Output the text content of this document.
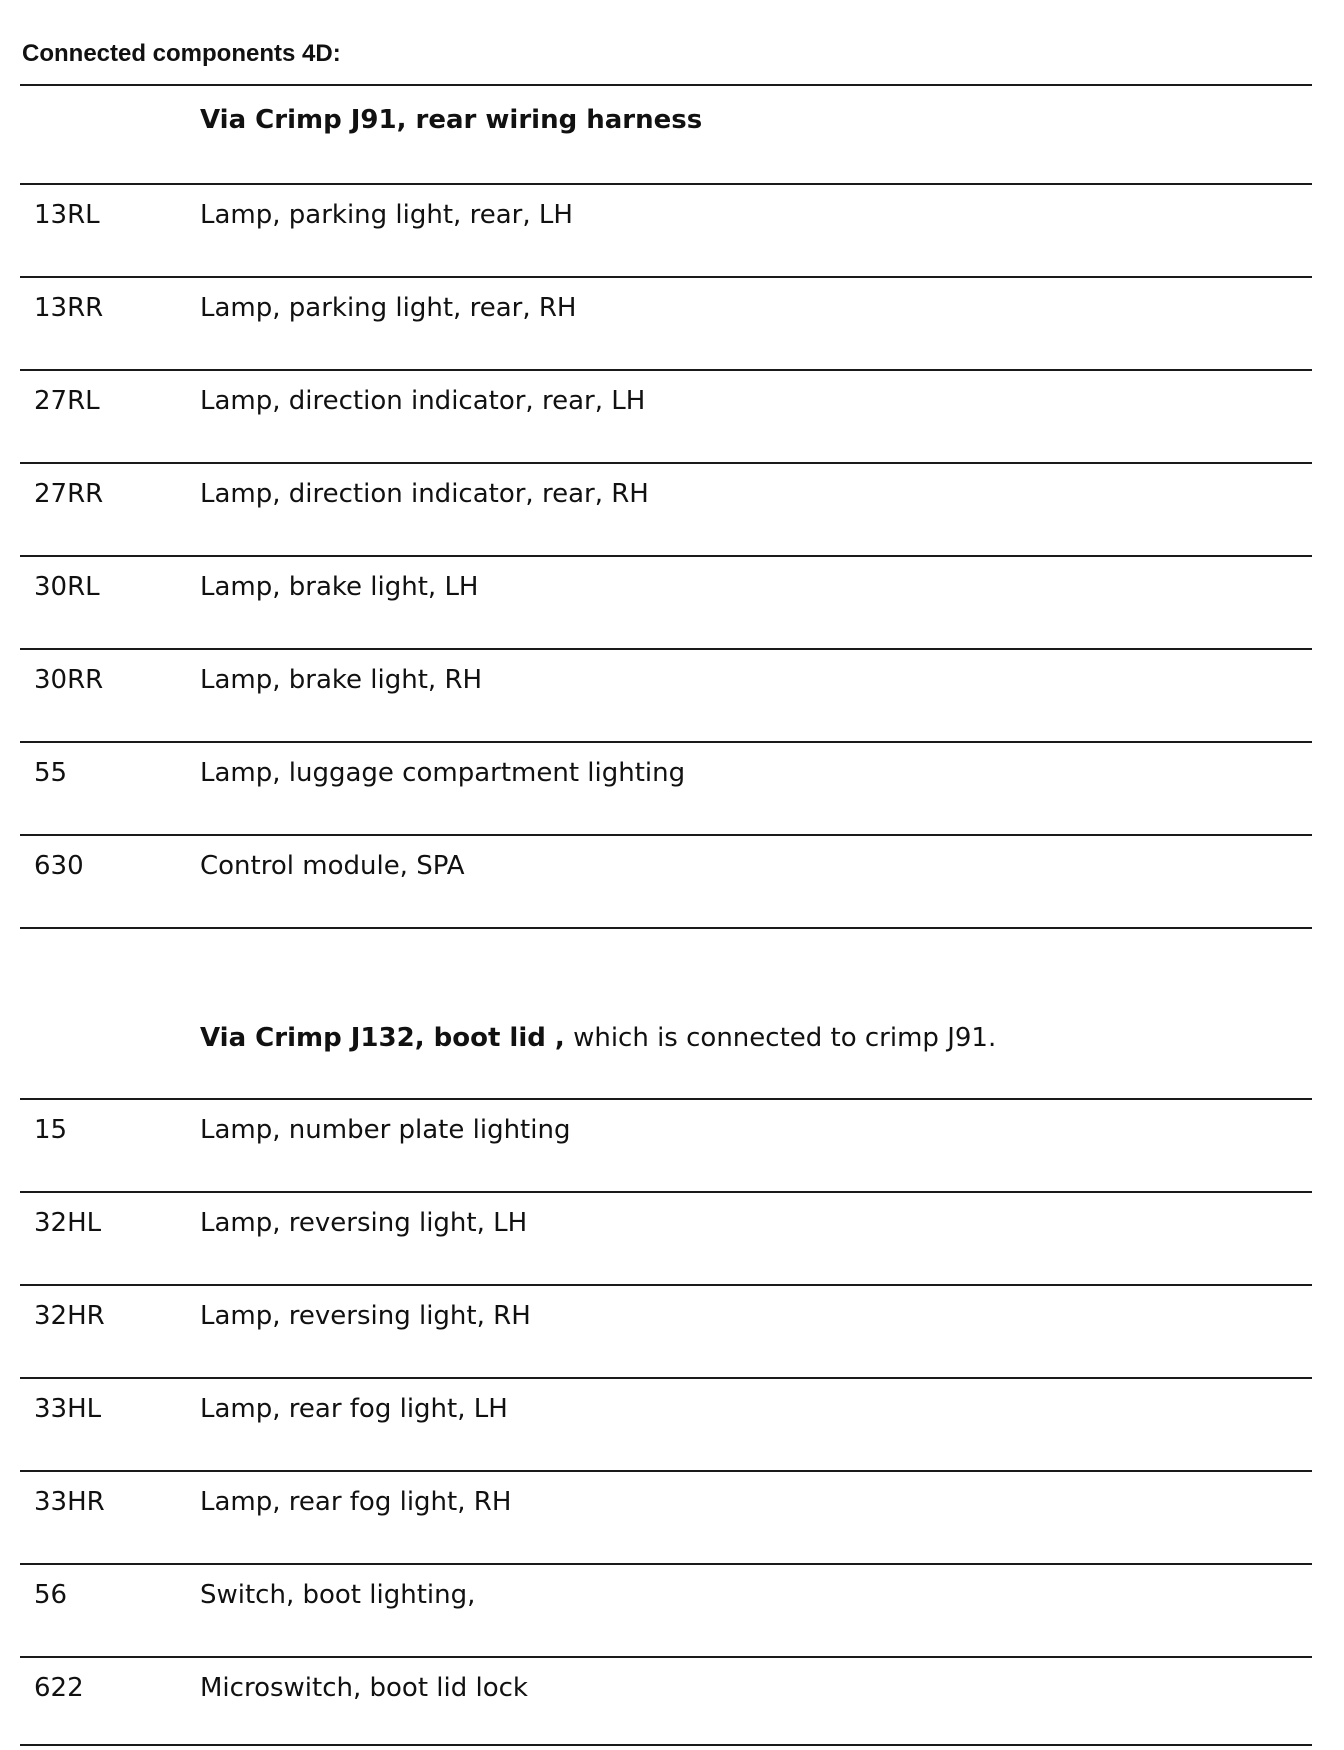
Connected components 4D:
Via Crimp J91, rear wiring harness
13RL	Lamp, parking light, rear, LH
13RR	Lamp, parking light, rear, RH
27RL	Lamp, direction indicator, rear, LH
27RR	Lamp, direction indicator, rear, RH
30RL	Lamp, brake light, LH
30RR	Lamp, brake light, RH
55	Lamp, luggage compartment lighting
630	Control module, SPA
Via Crimp J132, boot lid , which is connected to crimp J91.
15	Lamp, number plate lighting
32HL	Lamp, reversing light, LH
32HR	Lamp, reversing light, RH
33HL	Lamp, rear fog light, LH
33HR	Lamp, rear fog light, RH
56	Switch, boot lighting,
622	Microswitch, boot lid lock
